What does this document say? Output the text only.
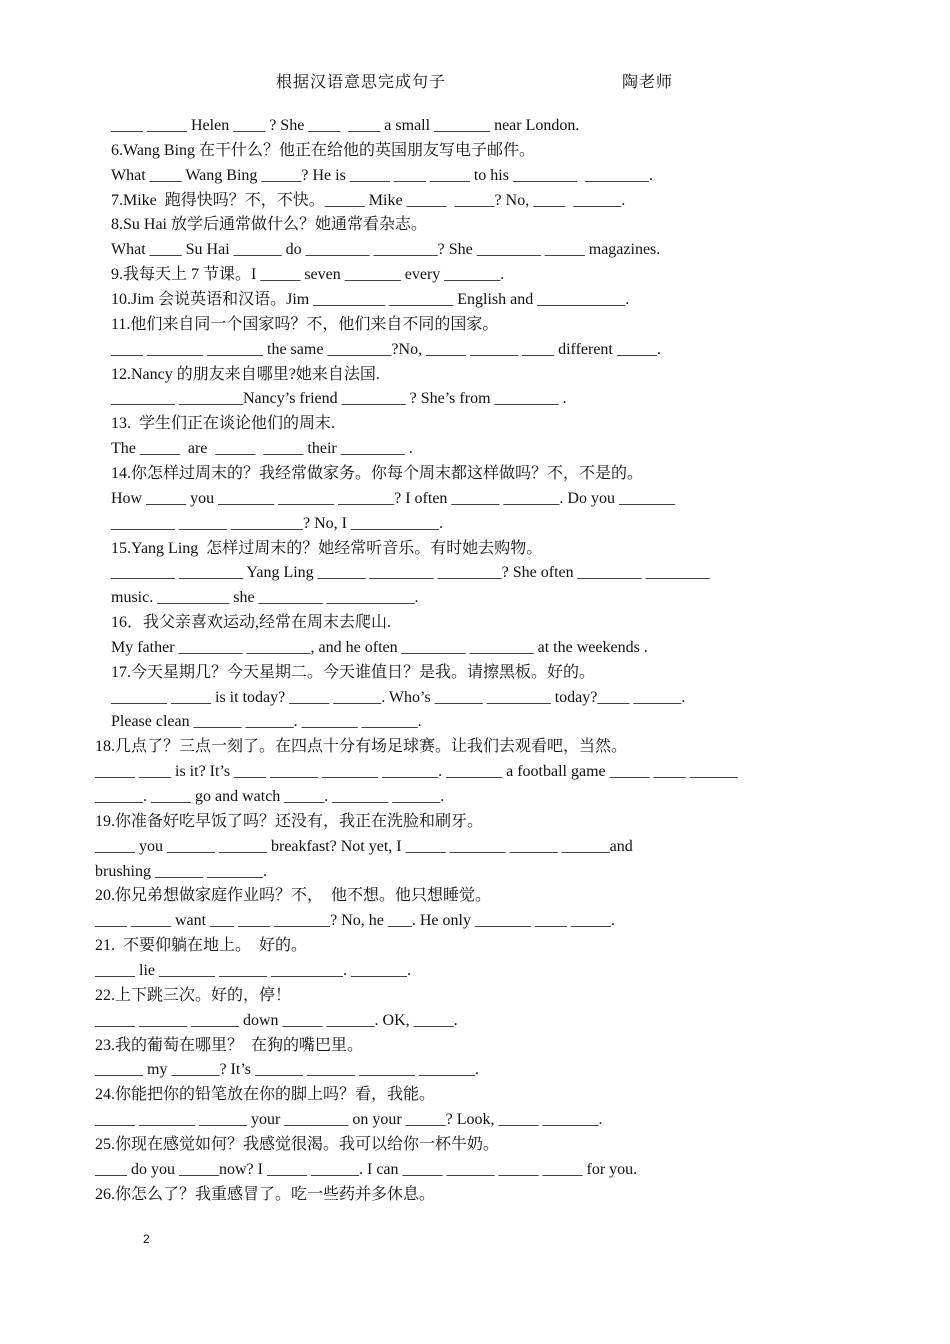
根据汉语意思完成句子	陶老师
____ _____ Helen ____ ? She ____  ____ a small _______ near London.
6.Wang Bing 在干什么？他正在给他的英国朋友写电子邮件。
What ____ Wang Bing _____? He is _____ ____ _____ to his ________  ________.
7.Mike  跑得快吗？不，不快。_____ Mike _____  _____? No, ____  ______.
8.Su Hai 放学后通常做什么？她通常看杂志。
What ____ Su Hai ______ do ________ ________? She ________ _____ magazines.
9.我每天上 7 节课。I _____ seven _______ every _______.
10.Jim 会说英语和汉语。Jim _________ ________ English and ___________.
11.他们来自同一个国家吗？不，他们来自不同的国家。
____ _______ _______ the same ________?No, _____ ______ ____ different _____.
12.Nancy 的朋友来自哪里?她来自法国.
________ ________Nancy’s friend ________ ? She’s from ________ .
13.  学生们正在谈论他们的周末.
The _____  are  _____  _____ their ________ .
14.你怎样过周末的？我经常做家务。你每个周末都这样做吗？不，不是的。
How _____ you _______ _______ _______? I often ______ _______. Do you _______
________ ______ _________? No, I ___________.
15.Yang Ling  怎样过周末的？她经常听音乐。有时她去购物。
________ ________ Yang Ling ______ ________ ________? She often ________ ________
music. _________ she ________ ___________.
16．我父亲喜欢运动,经常在周末去爬山.
My father ________ ________, and he often ________ ________ at the weekends .
17.今天星期几？今天星期二。今天谁值日？是我。请擦黑板。好的。
_______ _____ is it today? _____ ______. Who’s ______ ________ today?____ ______.
Please clean ______ ______. _______ _______.
18.几点了？三点一刻了。在四点十分有场足球赛。让我们去观看吧，当然。
_____ ____ is it? It’s ____ ______ _______ _______. _______ a football game _____ ____ ______
______. _____ go and watch _____. _______ ______.
19.你准备好吃早饭了吗？还没有，我正在洗脸和刷牙。
_____ you ______ ______ breakfast? Not yet, I _____ _______ ______ ______and
brushing ______ _______.
20.你兄弟想做家庭作业吗？不，  他不想。他只想睡觉。
____ _____ want ___ ____ _______? No, he ___. He only _______ ____ _____.
21.  不要仰躺在地上。  好的。
_____ lie _______ ______ _________. _______.
22.上下跳三次。好的，停！
_____ ______ ______ down _____ ______. OK, _____.
23.我的葡萄在哪里？  在狗的嘴巴里。
______ my ______? It’s ______ ______ _______ _______.
24.你能把你的铅笔放在你的脚上吗？看，我能。
_____ _______ ______ your ________ on your _____? Look, _____ _______.
25.你现在感觉如何？我感觉很渴。我可以给你一杯牛奶。
____ do you _____now? I _____ ______. I can _____ ______ _____ _____ for you.
26.你怎么了？我重感冒了。吃一些药并多休息。
2
